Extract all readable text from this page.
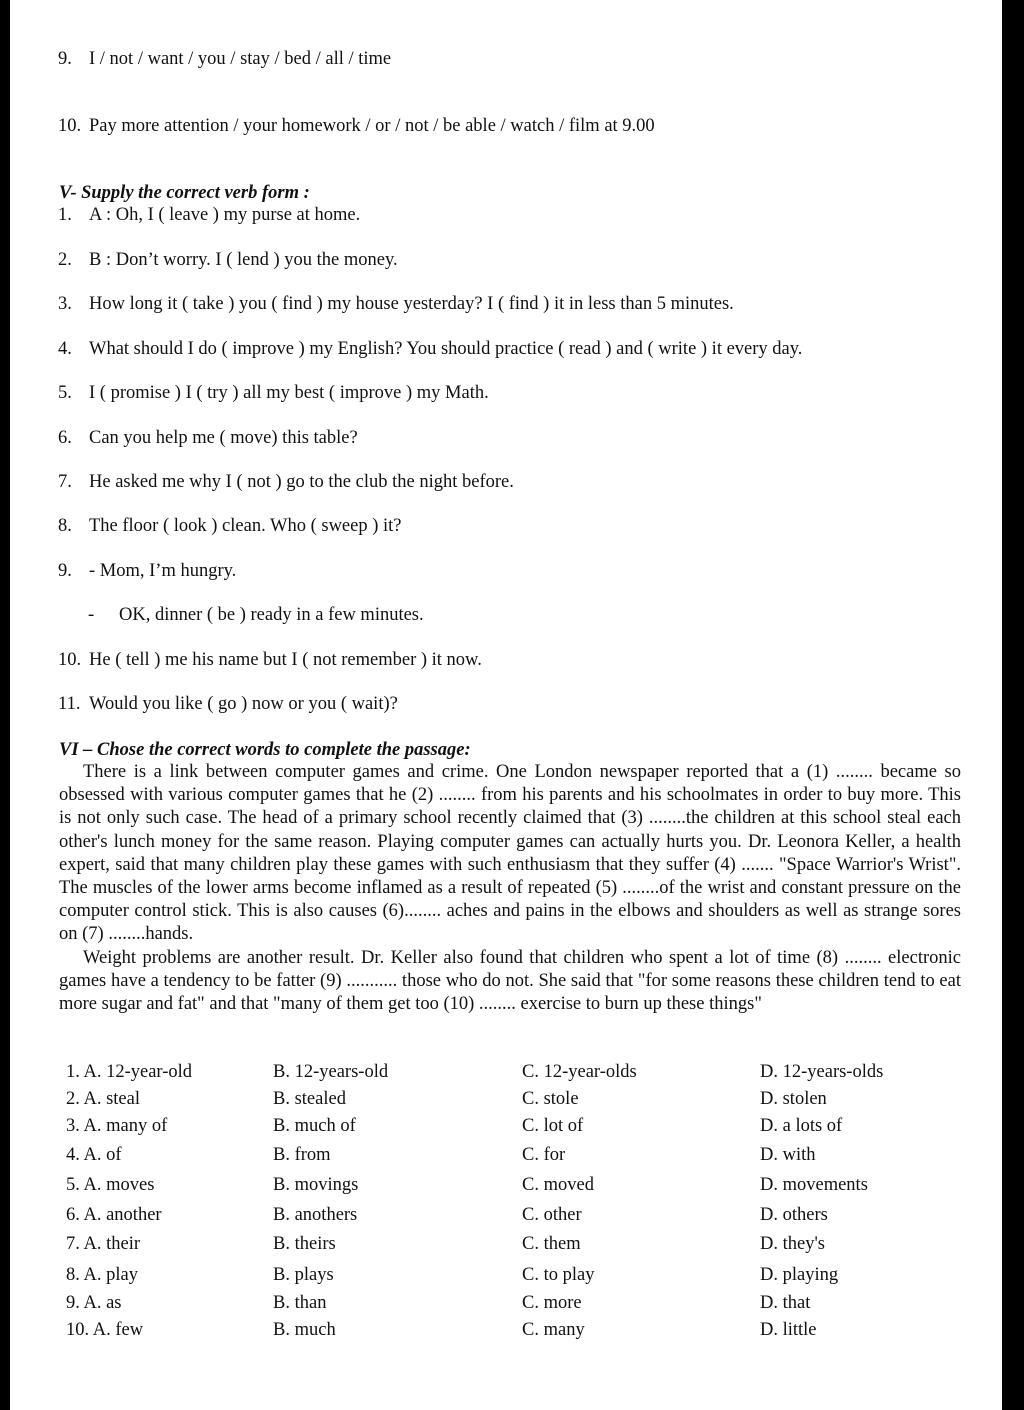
9. I / not / want / you / stay / bed / all / time
10. Pay more attention / your homework / or / not / be able / watch / film at 9.00
V- Supply the correct verb form :
1. A : Oh, I ( leave ) my purse at home.
2. B : Don’t worry. I ( lend ) you the money.
3. How long it ( take ) you ( find ) my house yesterday? I ( find ) it in less than 5 minutes.
4. What should I do ( improve ) my English? You should practice ( read ) and ( write ) it every day.
5. I ( promise ) I ( try ) all my best ( improve ) my Math.
6. Can you help me ( move) this table?
7. He asked me why I ( not ) go to the club the night before.
8. The floor ( look ) clean. Who ( sweep ) it?
9. - Mom, I’m hungry.
- OK, dinner ( be ) ready in a few minutes.
10. He ( tell ) me his name but I ( not remember ) it now.
11. Would you like ( go ) now or you ( wait)?
VI – Chose the correct words to complete the passage:

There is a link between computer games and crime. One London newspaper reported that a (1) ........ became so obsessed with various computer games that he (2) ........ from his parents and his schoolmates in order to buy more. This is not only such case. The head of a primary school recently claimed that (3) ........the children at this school steal each other's lunch money for the same reason. Playing computer games can actually hurts you. Dr. Leonora Keller, a health expert, said that many children play these games with such enthusiasm that they suffer (4) ....... "Space Warrior's Wrist". The muscles of the lower arms become inflamed as a result of repeated (5) ........of the wrist and constant pressure on the computer control stick. This is also causes (6)........ aches and pains in the elbows and shoulders as well as strange sores on (7) ........hands.

Weight problems are another result. Dr. Keller also found that children who spent a lot of time (8) ........ electronic games have a tendency to be fatter (9) ........... those who do not. She said that "for some reasons these children tend to eat more sugar and fat" and that "many of them get too (10) ........ exercise to burn up these things"

1. A. 12-year-old	B. 12-years-old	C. 12-year-olds	D. 12-years-olds
2. A. steal	B. stealed	C. stole	D. stolen
3. A. many of	B. much of	C. lot of	D. a lots of
4. A. of	B. from	C. for	D. with
5. A. moves	B. movings	C. moved	D. movements
6. A. another	B. anothers	C. other	D. others
7. A. their	B. theirs	C. them	D. they's
8. A. play	B. plays	C. to play	D. playing
9. A. as	B. than	C. more	D. that
10. A. few	B. much	C. many	D. little
